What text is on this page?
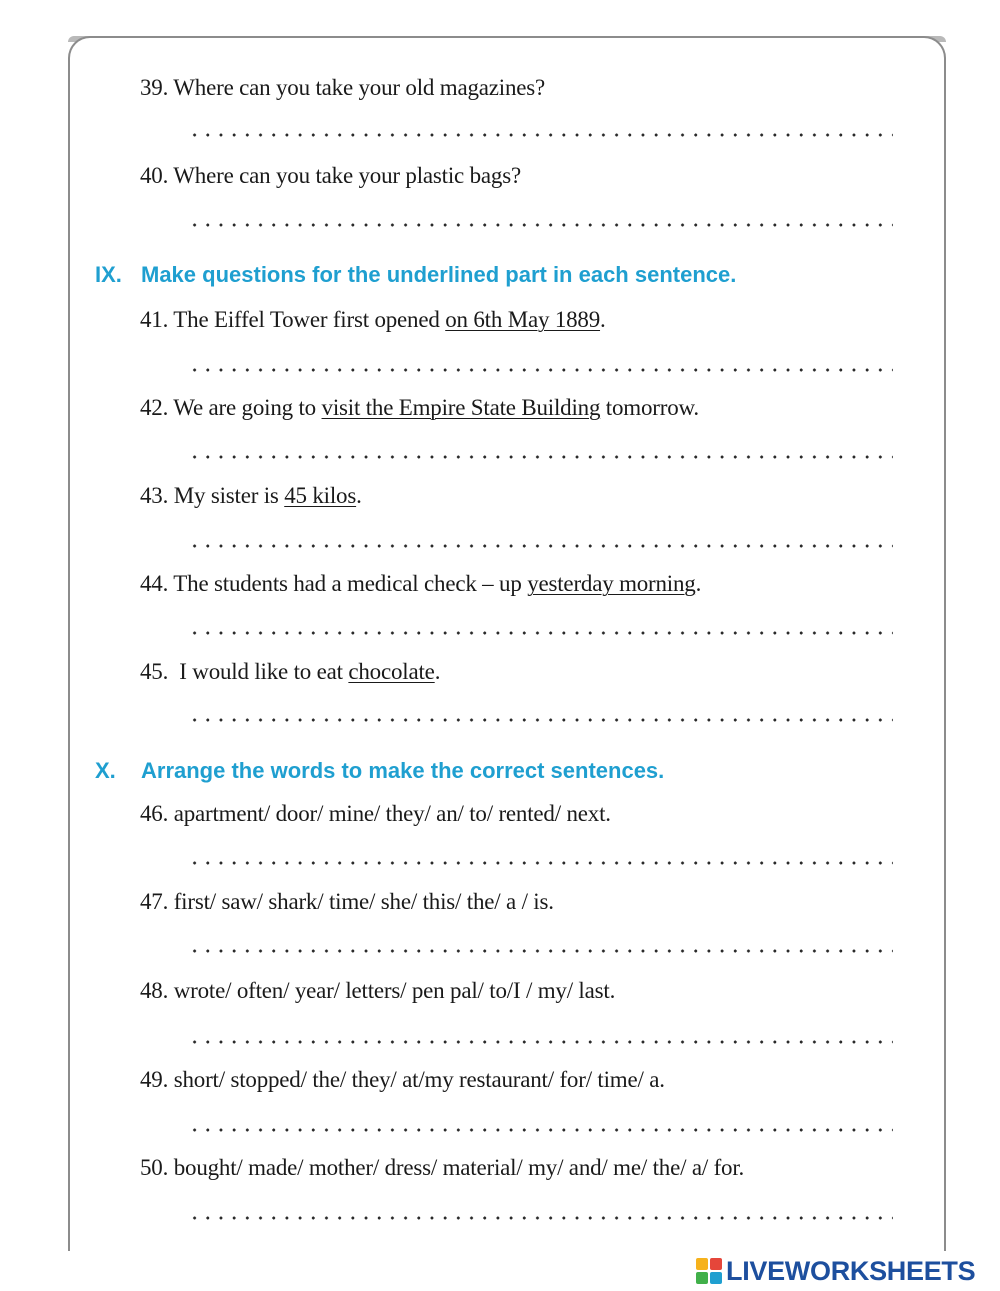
39. Where can you take your old magazines?
40. Where can you take your plastic bags?
IX. Make questions for the underlined part in each sentence.
41. The Eiffel Tower first opened on 6th May 1889.
42. We are going to visit the Empire State Building tomorrow.
43. My sister is 45 kilos.
44. The students had a medical check – up yesterday morning.
45.  I would like to eat chocolate.
X. Arrange the words to make the correct sentences.
46. apartment/ door/ mine/ they/ an/ to/ rented/ next.
47. first/ saw/ shark/ time/ she/ this/ the/ a / is.
48. wrote/ often/ year/ letters/ pen pal/ to/I / my/ last.
49. short/ stopped/ the/ they/ at/my restaurant/ for/ time/ a.
50. bought/ made/ mother/ dress/ material/ my/ and/ me/ the/ a/ for.
LIVEWORKSHEETS
